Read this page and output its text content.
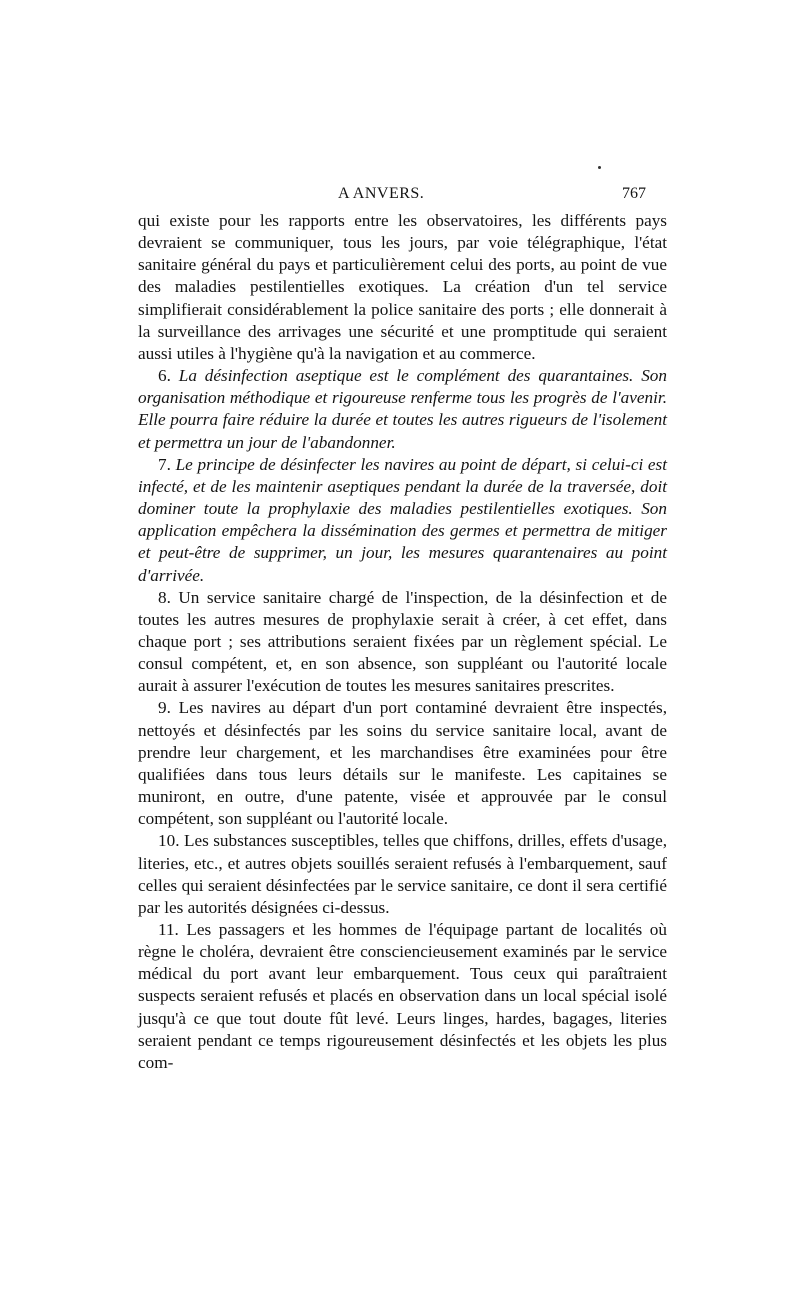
A ANVERS.	767

qui existe pour les rapports entre les observatoires, les différents pays devraient se communiquer, tous les jours, par voie télégraphique, l'état sanitaire général du pays et particulièrement celui des ports, au point de vue des maladies pestilentielles exotiques. La création d'un tel service simplifierait considérablement la police sanitaire des ports ; elle donnerait à la surveillance des arrivages une sécurité et une promptitude qui seraient aussi utiles à l'hygiène qu'à la navigation et au commerce.

6. La désinfection aseptique est le complément des quarantaines. Son organisation méthodique et rigoureuse renferme tous les progrès de l'avenir. Elle pourra faire réduire la durée et toutes les autres rigueurs de l'isolement et permettra un jour de l'abandonner.

7. Le principe de désinfecter les navires au point de départ, si celui-ci est infecté, et de les maintenir aseptiques pendant la durée de la traversée, doit dominer toute la prophylaxie des maladies pestilentielles exotiques. Son application empêchera la dissémination des germes et permettra de mitiger et peut-être de supprimer, un jour, les mesures quarantenaires au point d'arrivée.

8. Un service sanitaire chargé de l'inspection, de la désinfection et de toutes les autres mesures de prophylaxie serait à créer, à cet effet, dans chaque port ; ses attributions seraient fixées par un règlement spécial. Le consul compétent, et, en son absence, son suppléant ou l'autorité locale aurait à assurer l'exécution de toutes les mesures sanitaires prescrites.

9. Les navires au départ d'un port contaminé devraient être inspectés, nettoyés et désinfectés par les soins du service sanitaire local, avant de prendre leur chargement, et les marchandises être examinées pour être qualifiées dans tous leurs détails sur le manifeste. Les capitaines se muniront, en outre, d'une patente, visée et approuvée par le consul compétent, son suppléant ou l'autorité locale.

10. Les substances susceptibles, telles que chiffons, drilles, effets d'usage, literies, etc., et autres objets souillés seraient refusés à l'embarquement, sauf celles qui seraient désinfectées par le service sanitaire, ce dont il sera certifié par les autorités désignées ci-dessus.

11. Les passagers et les hommes de l'équipage partant de localités où règne le choléra, devraient être consciencieusement examinés par le service médical du port avant leur embarquement. Tous ceux qui paraîtraient suspects seraient refusés et placés en observation dans un local spécial isolé jusqu'à ce que tout doute fût levé. Leurs linges, hardes, bagages, literies seraient pendant ce temps rigoureusement désinfectés et les objets les plus com-
